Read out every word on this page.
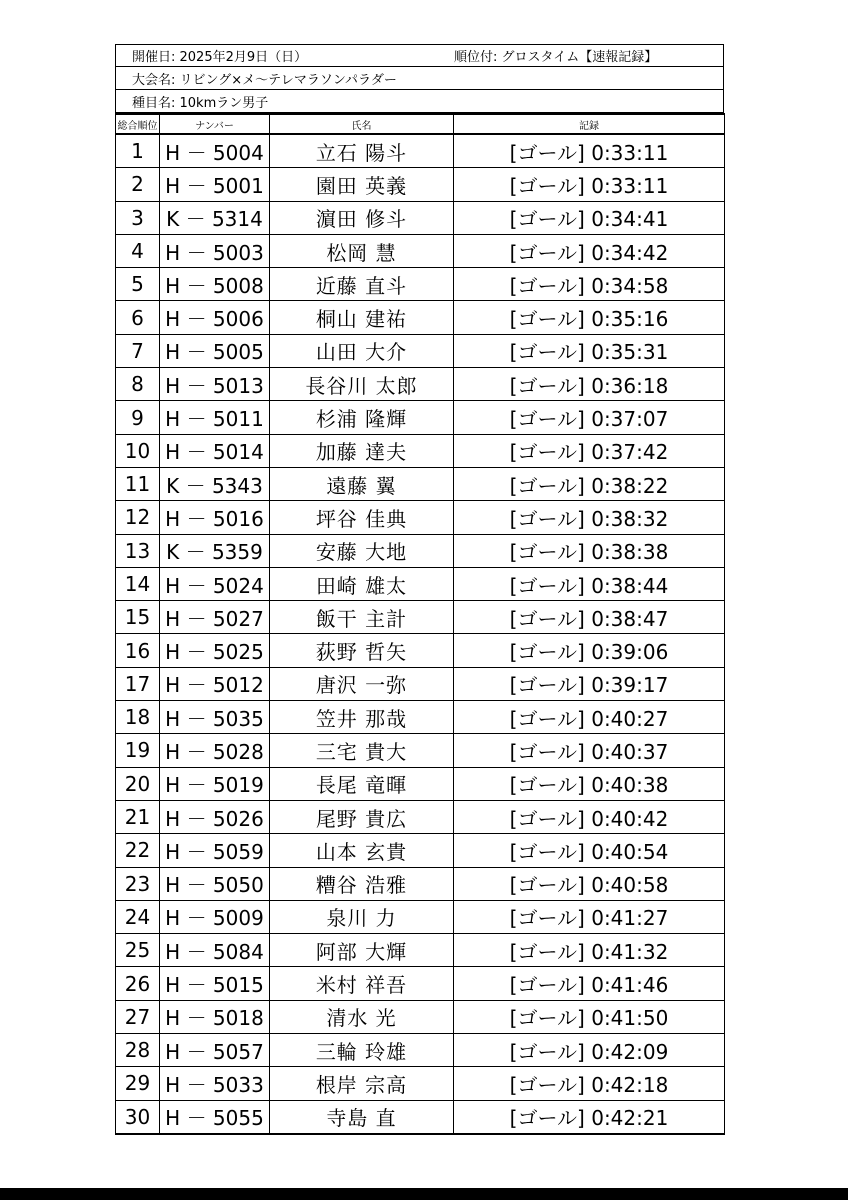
開催日: 2025年2月9日（日）	順位付: グロスタイム【速報記録】
大会名: リビング×メ〜テレマラソンパラダー
種目名: 10kmラン男子
総合順位	ナンバー	氏名	記録
1	H － 5004	立石 陽斗	[ゴール] 0:33:11
2	H － 5001	園田 英義	[ゴール] 0:33:11
3	K － 5314	濵田 修斗	[ゴール] 0:34:41
4	H － 5003	松岡 慧	[ゴール] 0:34:42
5	H － 5008	近藤 直斗	[ゴール] 0:34:58
6	H － 5006	桐山 建祐	[ゴール] 0:35:16
7	H － 5005	山田 大介	[ゴール] 0:35:31
8	H － 5013	長谷川 太郎	[ゴール] 0:36:18
9	H － 5011	杉浦 隆輝	[ゴール] 0:37:07
10	H － 5014	加藤 達夫	[ゴール] 0:37:42
11	K － 5343	遠藤 翼	[ゴール] 0:38:22
12	H － 5016	坪谷 佳典	[ゴール] 0:38:32
13	K － 5359	安藤 大地	[ゴール] 0:38:38
14	H － 5024	田崎 雄太	[ゴール] 0:38:44
15	H － 5027	飯干 主計	[ゴール] 0:38:47
16	H － 5025	荻野 哲矢	[ゴール] 0:39:06
17	H － 5012	唐沢 一弥	[ゴール] 0:39:17
18	H － 5035	笠井 那哉	[ゴール] 0:40:27
19	H － 5028	三宅 貴大	[ゴール] 0:40:37
20	H － 5019	長尾 竜暉	[ゴール] 0:40:38
21	H － 5026	尾野 貴広	[ゴール] 0:40:42
22	H － 5059	山本 玄貴	[ゴール] 0:40:54
23	H － 5050	糟谷 浩雅	[ゴール] 0:40:58
24	H － 5009	泉川 力	[ゴール] 0:41:27
25	H － 5084	阿部 大輝	[ゴール] 0:41:32
26	H － 5015	米村 祥吾	[ゴール] 0:41:46
27	H － 5018	清水 光	[ゴール] 0:41:50
28	H － 5057	三輪 玲雄	[ゴール] 0:42:09
29	H － 5033	根岸 宗高	[ゴール] 0:42:18
30	H － 5055	寺島 直	[ゴール] 0:42:21
